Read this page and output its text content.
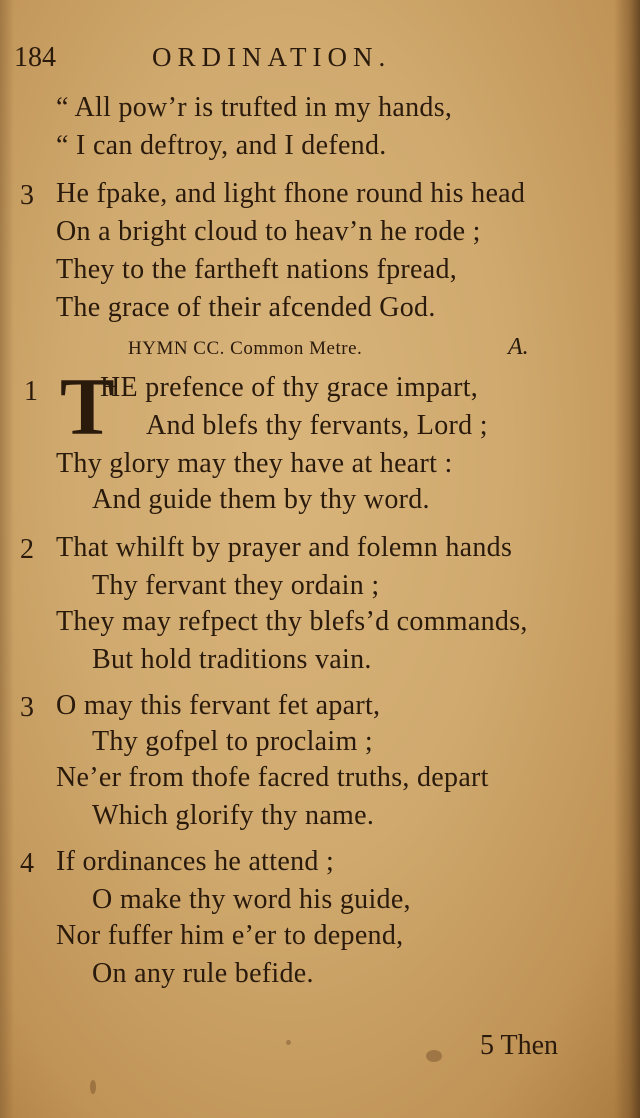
184	ORDINATION.
“ All pow’r is trufted in my hands,
“ I can deftroy, and I defend.
3 He fpake, and light fhone round his head
On a bright cloud to heav’n he rode ;
They to the fartheft nations fpread,
The grace of their afcended God.
HYMN CC. Common Metre.	A.
1 T
HE prefence of thy grace impart,
And blefs thy fervants, Lord ;
Thy glory may they have at heart :
And guide them by thy word.
2 That whilft by prayer and folemn hands
Thy fervant they ordain ;
They may refpect thy blefs’d commands,
But hold traditions vain.
3 O may this fervant fet apart,
Thy gofpel to proclaim ;
Ne’er from thofe facred truths, depart
Which glorify thy name.
4 If ordinances he attend ;
O make thy word his guide,
Nor fuffer him e’er to depend,
On any rule befide.
5 Then
